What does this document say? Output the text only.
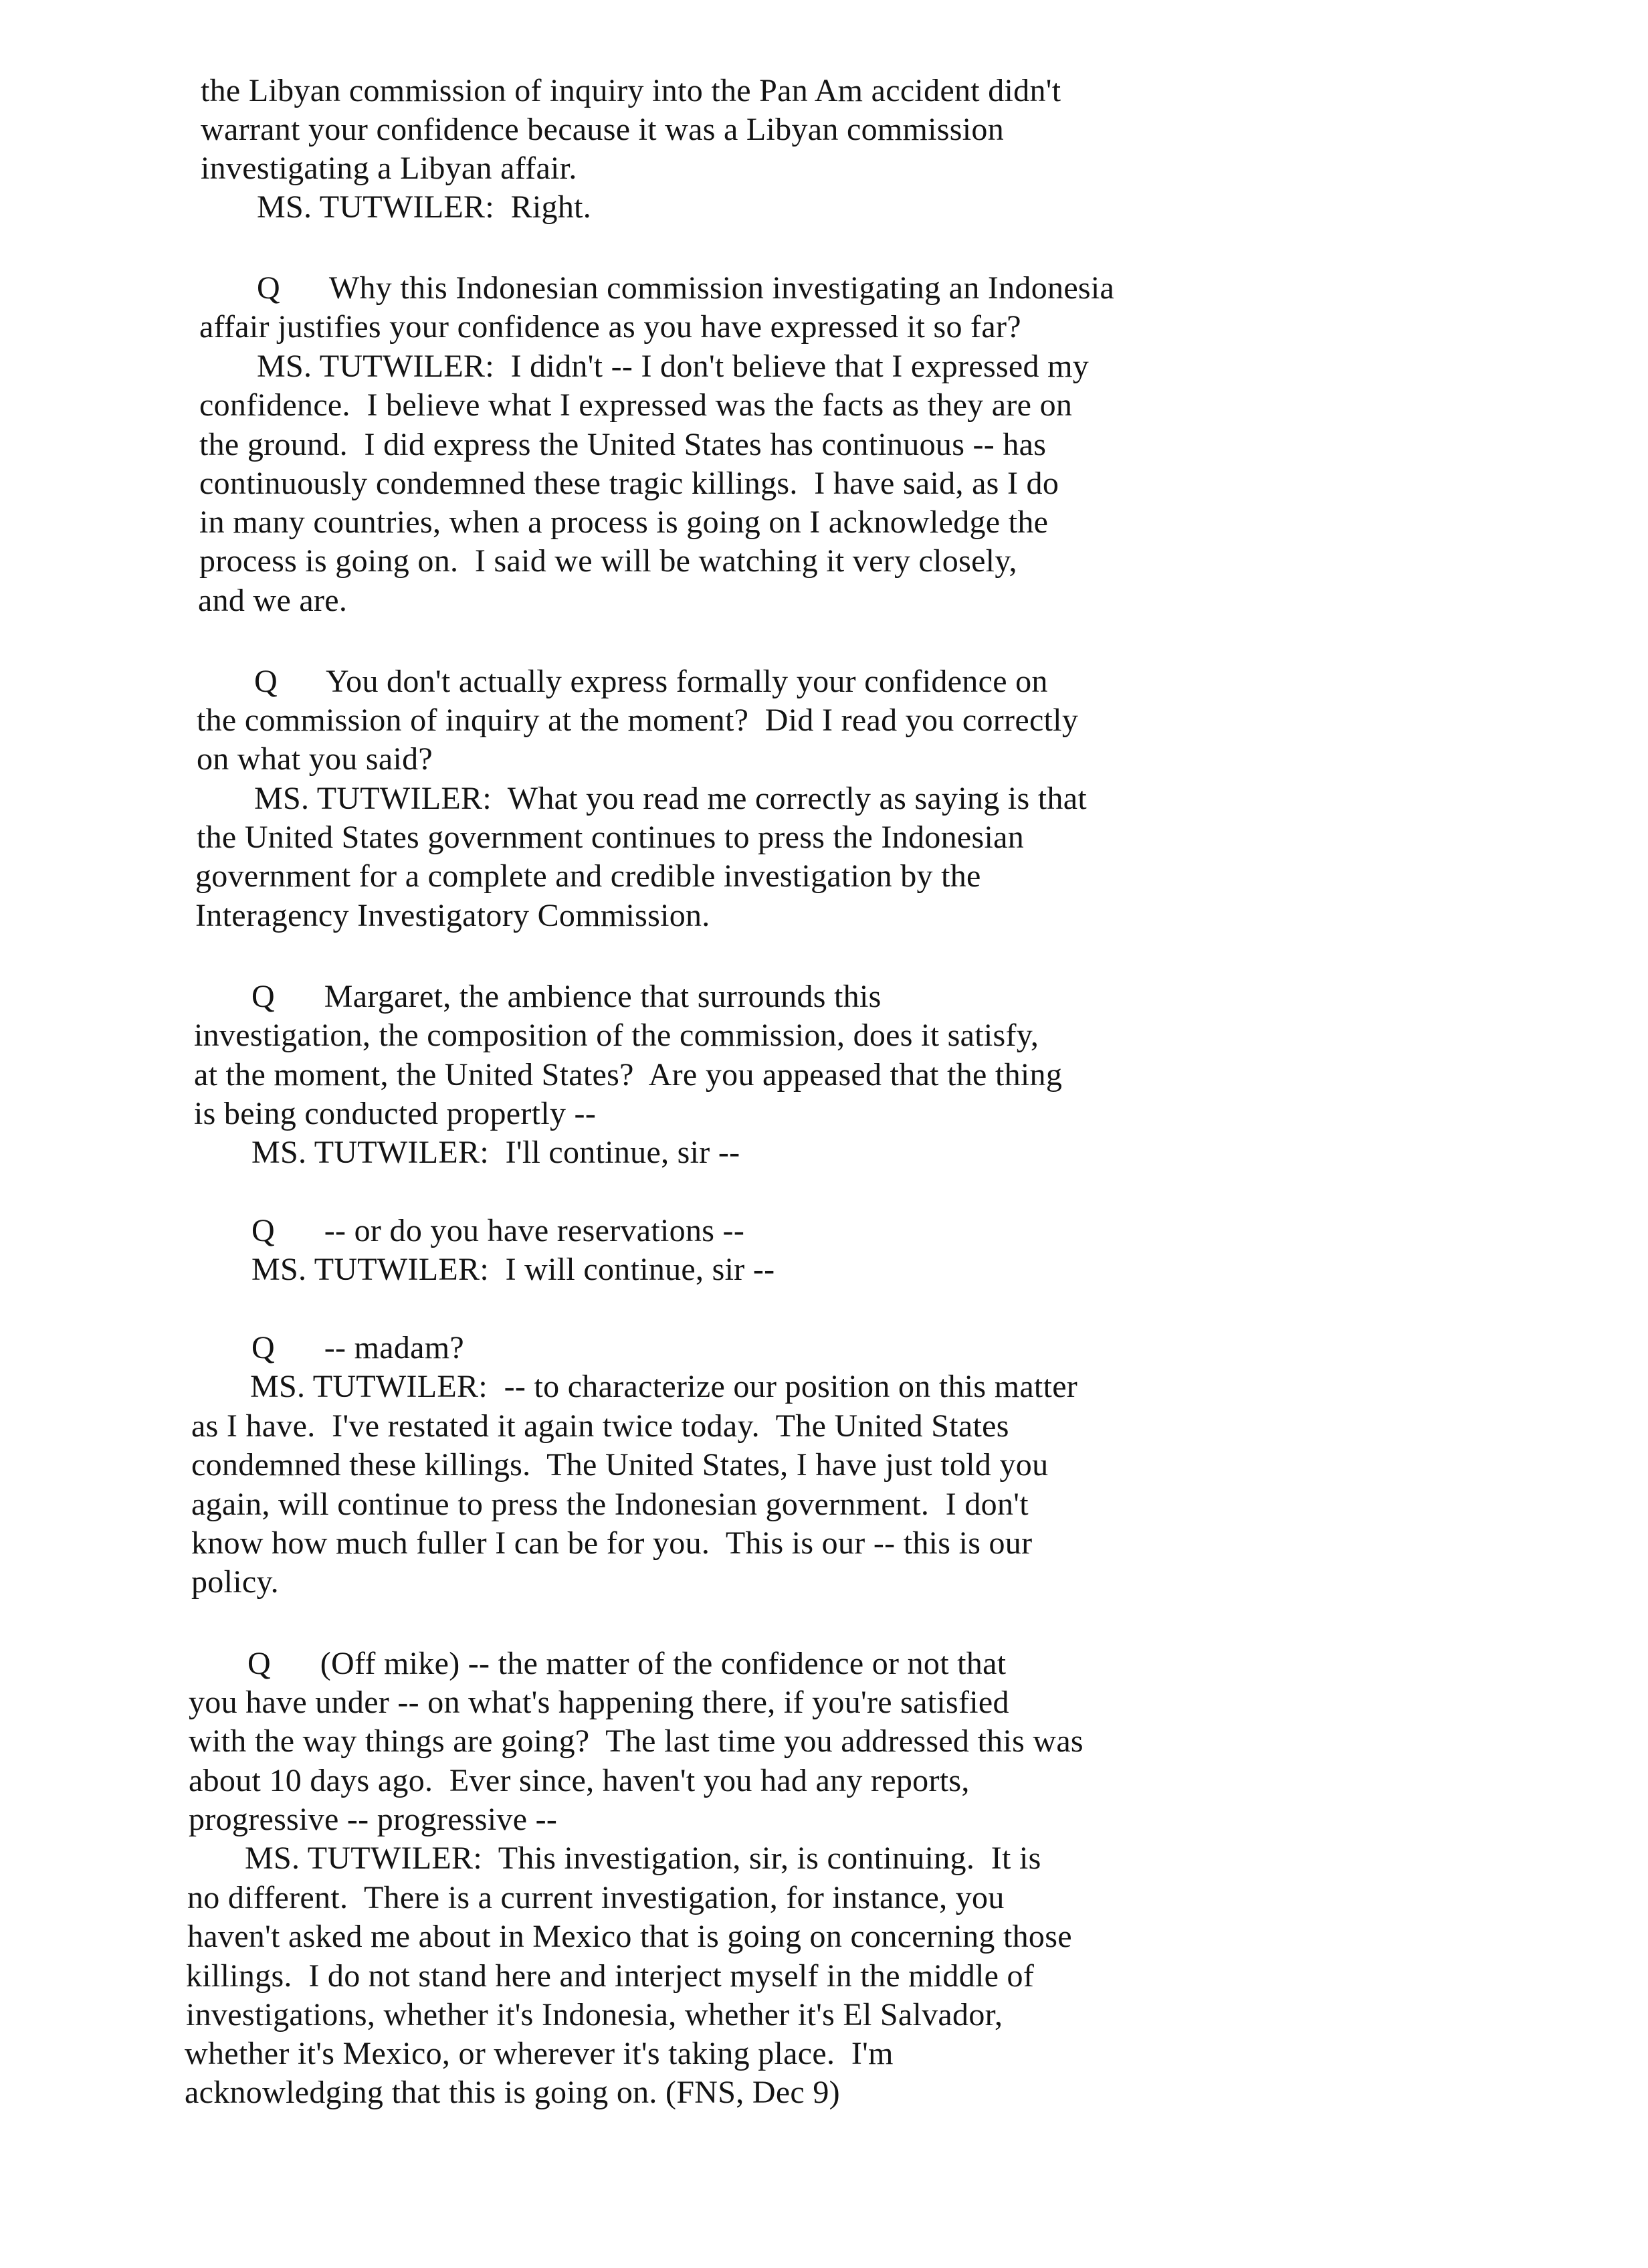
the Libyan commission of inquiry into the Pan Am accident didn't

warrant your confidence because it was a Libyan commission

investigating a Libyan affair.

MS. TUTWILER:  Right.

Q      Why this Indonesian commission investigating an Indonesia

affair justifies your confidence as you have expressed it so far?

MS. TUTWILER:  I didn't -- I don't believe that I expressed my

confidence.  I believe what I expressed was the facts as they are on

the ground.  I did express the United States has continuous -- has

continuously condemned these tragic killings.  I have said, as I do

in many countries, when a process is going on I acknowledge the

process is going on.  I said we will be watching it very closely,

and we are.

Q      You don't actually express formally your confidence on

the commission of inquiry at the moment?  Did I read you correctly

on what you said?

MS. TUTWILER:  What you read me correctly as saying is that

the United States government continues to press the Indonesian

government for a complete and credible investigation by the

Interagency Investigatory Commission.

Q      Margaret, the ambience that surrounds this

investigation, the composition of the commission, does it satisfy,

at the moment, the United States?  Are you appeased that the thing

is being conducted propertly --

MS. TUTWILER:  I'll continue, sir --

Q      -- or do you have reservations --

MS. TUTWILER:  I will continue, sir --

Q      -- madam?

MS. TUTWILER:  -- to characterize our position on this matter

as I have.  I've restated it again twice today.  The United States

condemned these killings.  The United States, I have just told you

again, will continue to press the Indonesian government.  I don't

know how much fuller I can be for you.  This is our -- this is our

policy.

Q      (Off mike) -- the matter of the confidence or not that

you have under -- on what's happening there, if you're satisfied

with the way things are going?  The last time you addressed this was

about 10 days ago.  Ever since, haven't you had any reports,

progressive -- progressive --

MS. TUTWILER:  This investigation, sir, is continuing.  It is

no different.  There is a current investigation, for instance, you

haven't asked me about in Mexico that is going on concerning those

killings.  I do not stand here and interject myself in the middle of

investigations, whether it's Indonesia, whether it's El Salvador,

whether it's Mexico, or wherever it's taking place.  I'm

acknowledging that this is going on. (FNS, Dec 9)
